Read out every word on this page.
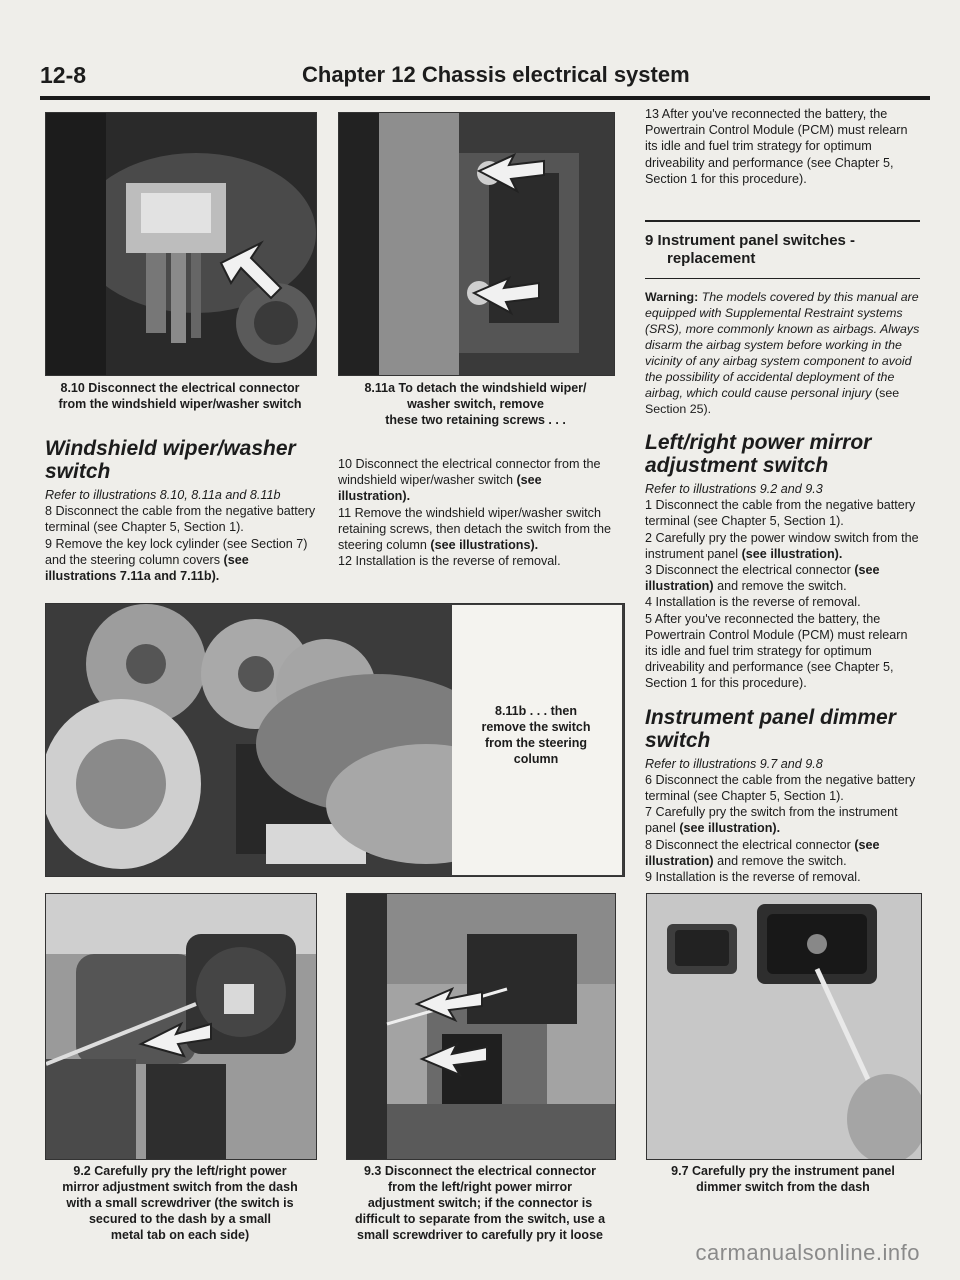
12-8	Chapter 12 Chassis electrical system
8.10 Disconnect the electrical connector
from the windshield wiper/washer switch
8.11a To detach the windshield wiper/
washer switch, remove
these two retaining screws . . .
Windshield wiper/washer
switch

Refer to illustrations 8.10, 8.11a and 8.11b

8 Disconnect the cable from the negative battery terminal (see Chapter 5, Section 1).

9 Remove the key lock cylinder (see Section 7) and the steering column covers (see illustrations 7.11a and 7.11b).

10 Disconnect the electrical connector from the windshield wiper/washer switch (see illustration).

11 Remove the windshield wiper/washer switch retaining screws, then detach the switch from the steering column (see illustrations).

12 Installation is the reverse of removal.

8.11b . . . then
remove the switch
from the steering
column

13 After you've reconnected the battery, the Powertrain Control Module (PCM) must relearn its idle and fuel trim strategy for optimum driveability and performance (see Chapter 5, Section 1 for this procedure).

9 Instrument panel switches -
replacement

Warning: The models covered by this manual are equipped with Supplemental Restraint systems (SRS), more commonly known as airbags. Always disarm the airbag system before working in the vicinity of any airbag system component to avoid the possibility of accidental deployment of the airbag, which could cause personal injury (see Section 25).

Left/right power mirror
adjustment switch

Refer to illustrations 9.2 and 9.3

1 Disconnect the cable from the negative battery terminal (see Chapter 5, Section 1).

2 Carefully pry the power window switch from the instrument panel (see illustration).

3 Disconnect the electrical connector (see illustration) and remove the switch.

4 Installation is the reverse of removal.

5 After you've reconnected the battery, the Powertrain Control Module (PCM) must relearn its idle and fuel trim strategy for optimum driveability and performance (see Chapter 5, Section 1 for this procedure).

Instrument panel dimmer
switch

Refer to illustrations 9.7 and 9.8

6 Disconnect the cable from the negative battery terminal (see Chapter 5, Section 1).

7 Carefully pry the switch from the instrument panel (see illustration).

8 Disconnect the electrical connector (see illustration) and remove the switch.

9 Installation is the reverse of removal.

9.2 Carefully pry the left/right power
mirror adjustment switch from the dash
with a small screwdriver (the switch is
secured to the dash by a small
metal tab on each side)
9.3 Disconnect the electrical connector
from the left/right power mirror
adjustment switch; if the connector is
difficult to separate from the switch, use a
small screwdriver to carefully pry it loose
9.7 Carefully pry the instrument panel
dimmer switch from the dash
carmanualsonline.info
